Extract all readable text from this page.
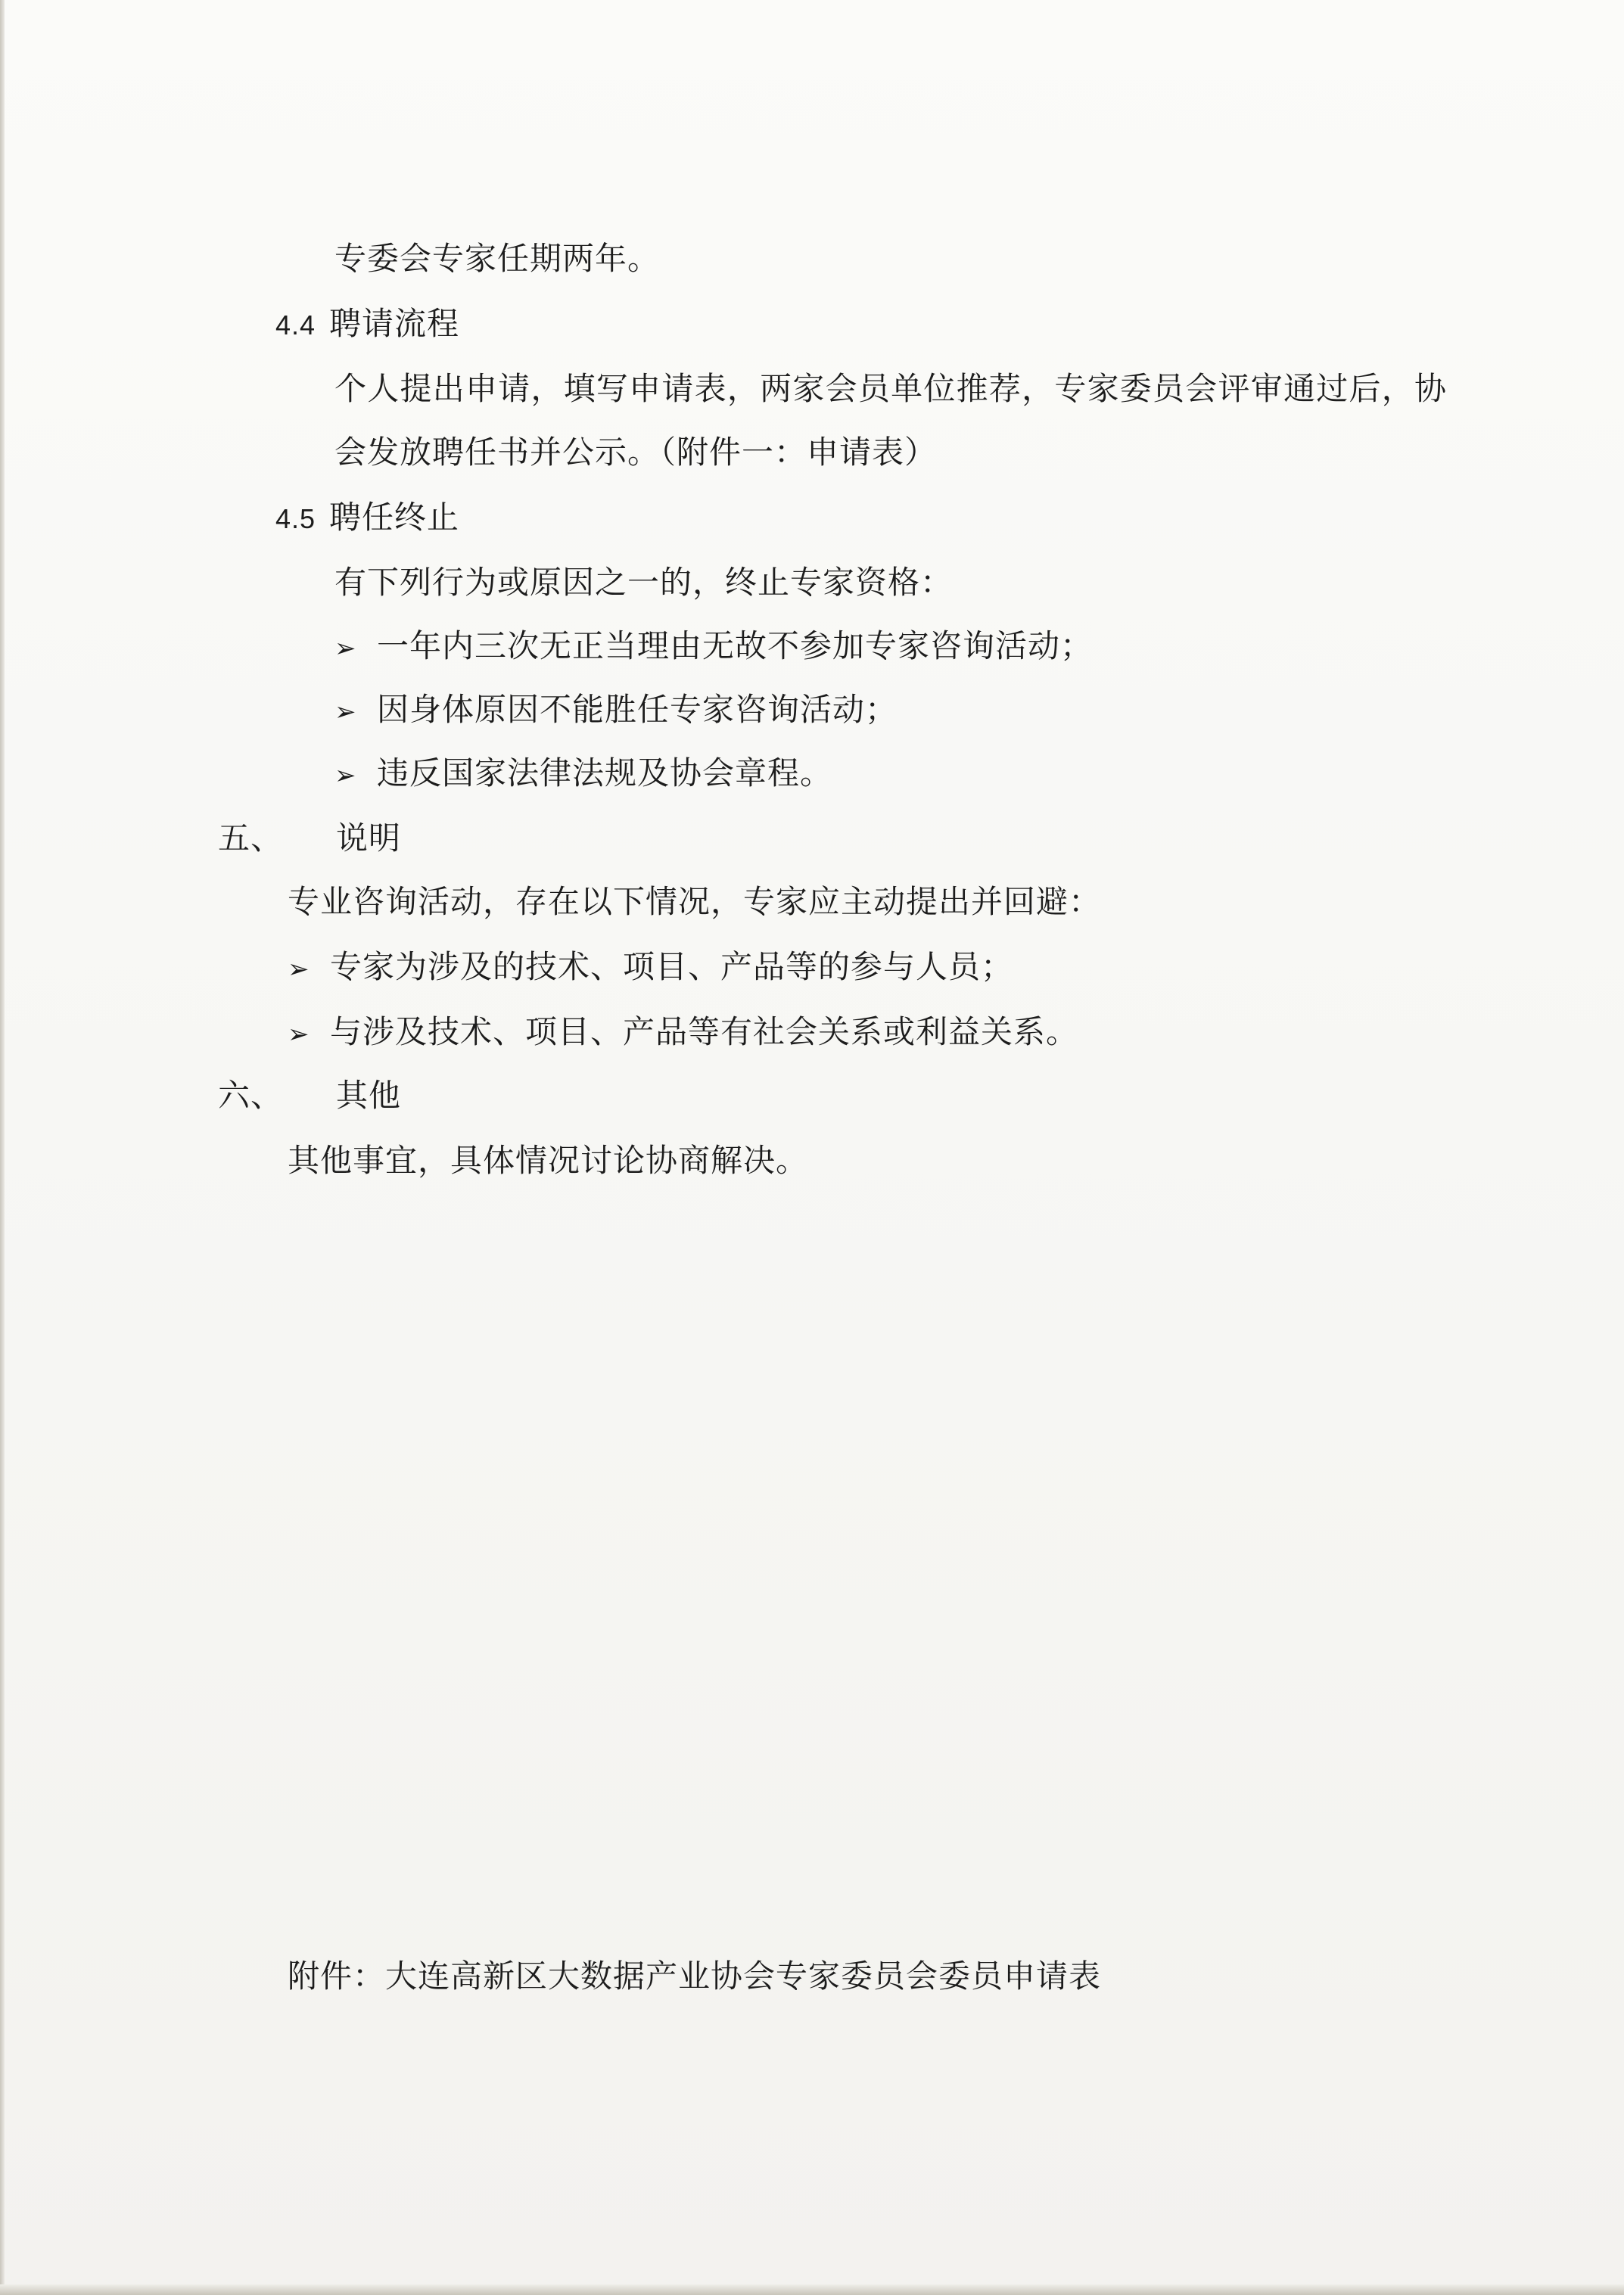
专委会专家任期两年。
4.4 聘请流程
个人提出申请，填写申请表，两家会员单位推荐，专家委员会评审通过后，协
会发放聘任书并公示。（附件一：申请表）
4.5 聘任终止
有下列行为或原因之一的，终止专家资格：
➢ 一年内三次无正当理由无故不参加专家咨询活动；
➢ 因身体原因不能胜任专家咨询活动；
➢ 违反国家法律法规及协会章程。
五、 说明
专业咨询活动，存在以下情况，专家应主动提出并回避：
➢ 专家为涉及的技术、项目、产品等的参与人员；
➢ 与涉及技术、项目、产品等有社会关系或利益关系。
六、 其他
其他事宜，具体情况讨论协商解决。
附件：大连高新区大数据产业协会专家委员会委员申请表
